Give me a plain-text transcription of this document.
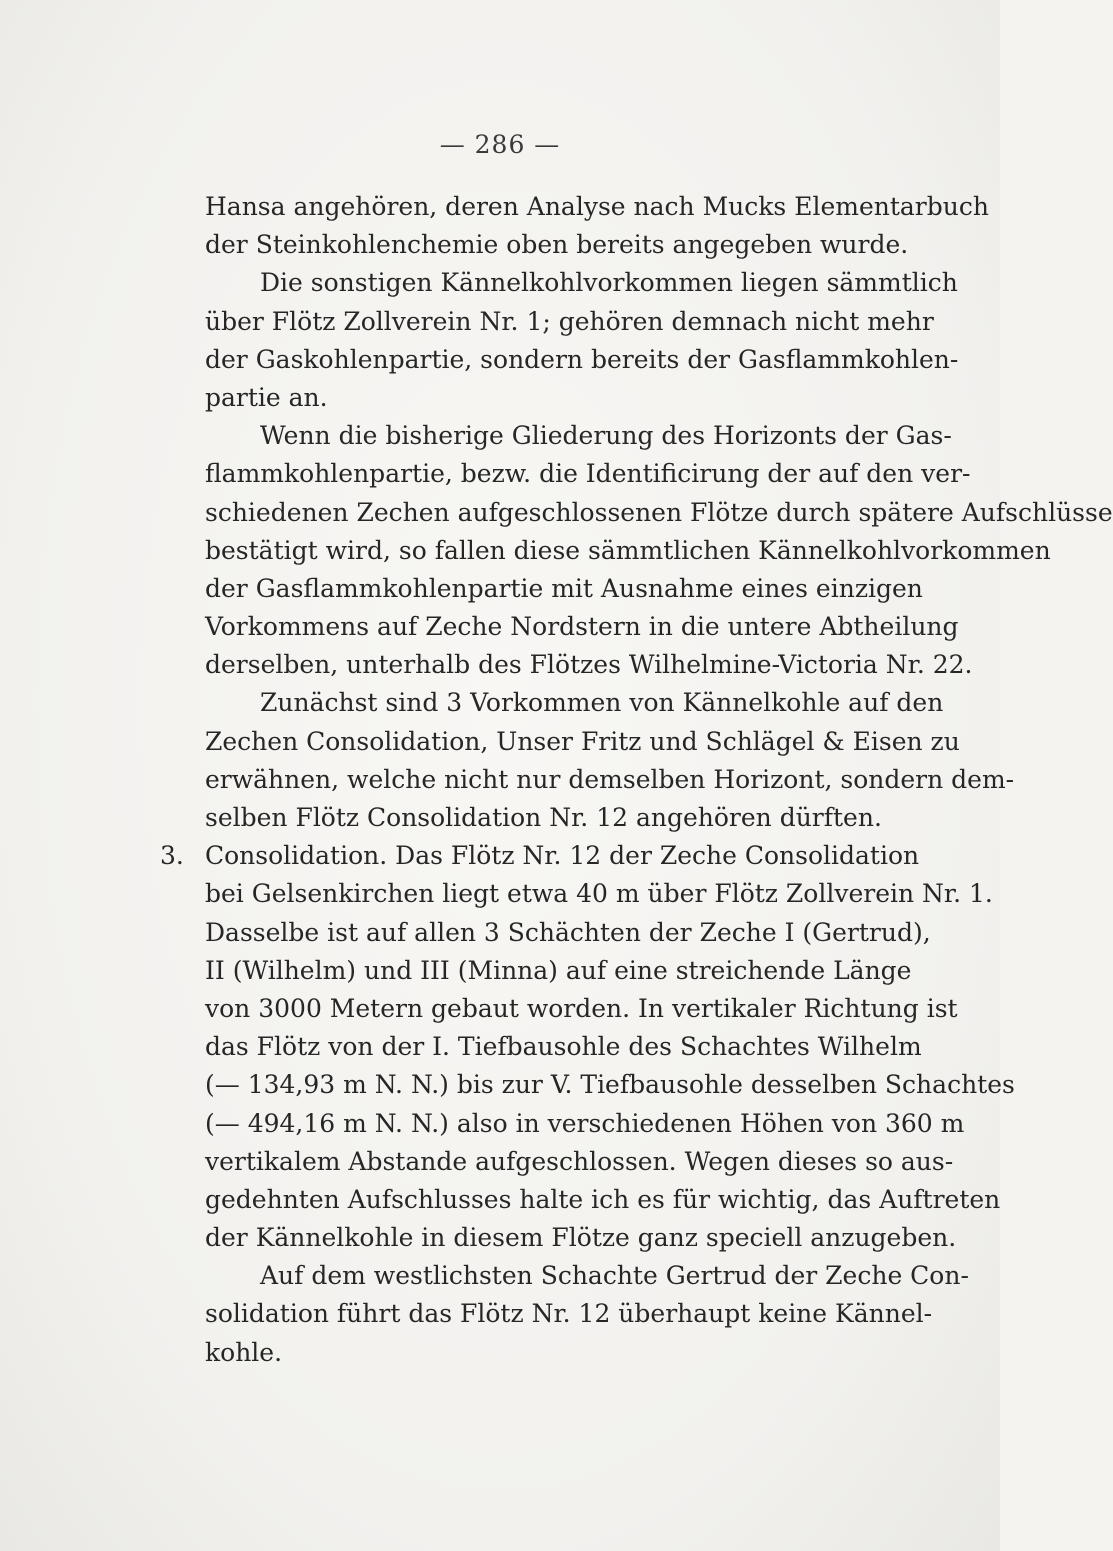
— 286 —
Hansa angehören, deren Analyse nach Mucks Elementarbuch
der Steinkohlenchemie oben bereits angegeben wurde.
Die sonstigen Kännelkohlvorkommen liegen sämmtlich
über Flötz Zollverein Nr. 1; gehören demnach nicht mehr
der Gaskohlenpartie, sondern bereits der Gasflammkohlen-
partie an.
Wenn die bisherige Gliederung des Horizonts der Gas-
flammkohlenpartie, bezw. die Identificirung der auf den ver-
schiedenen Zechen aufgeschlossenen Flötze durch spätere Aufschlüsse
bestätigt wird, so fallen diese sämmtlichen Kännelkohlvorkommen
der Gasflammkohlenpartie mit Ausnahme eines einzigen
Vorkommens auf Zeche Nordstern in die untere Abtheilung
derselben, unterhalb des Flötzes Wilhelmine-Victoria Nr. 22.
Zunächst sind 3 Vorkommen von Kännelkohle auf den
Zechen Consolidation, Unser Fritz und Schlägel & Eisen zu
erwähnen, welche nicht nur demselben Horizont, sondern dem-
selben Flötz Consolidation Nr. 12 angehören dürften.
3. Consolidation. Das Flötz Nr. 12 der Zeche Consolidation
bei Gelsenkirchen liegt etwa 40 m über Flötz Zollverein Nr. 1.
Dasselbe ist auf allen 3 Schächten der Zeche I (Gertrud),
II (Wilhelm) und III (Minna) auf eine streichende Länge
von 3000 Metern gebaut worden. In vertikaler Richtung ist
das Flötz von der I. Tiefbausohle des Schachtes Wilhelm
(— 134,93 m N. N.) bis zur V. Tiefbausohle desselben Schachtes
(— 494,16 m N. N.) also in verschiedenen Höhen von 360 m
vertikalem Abstande aufgeschlossen. Wegen dieses so aus-
gedehnten Aufschlusses halte ich es für wichtig, das Auftreten
der Kännelkohle in diesem Flötze ganz speciell anzugeben.
Auf dem westlichsten Schachte Gertrud der Zeche Con-
solidation führt das Flötz Nr. 12 überhaupt keine Kännel-
kohle.
